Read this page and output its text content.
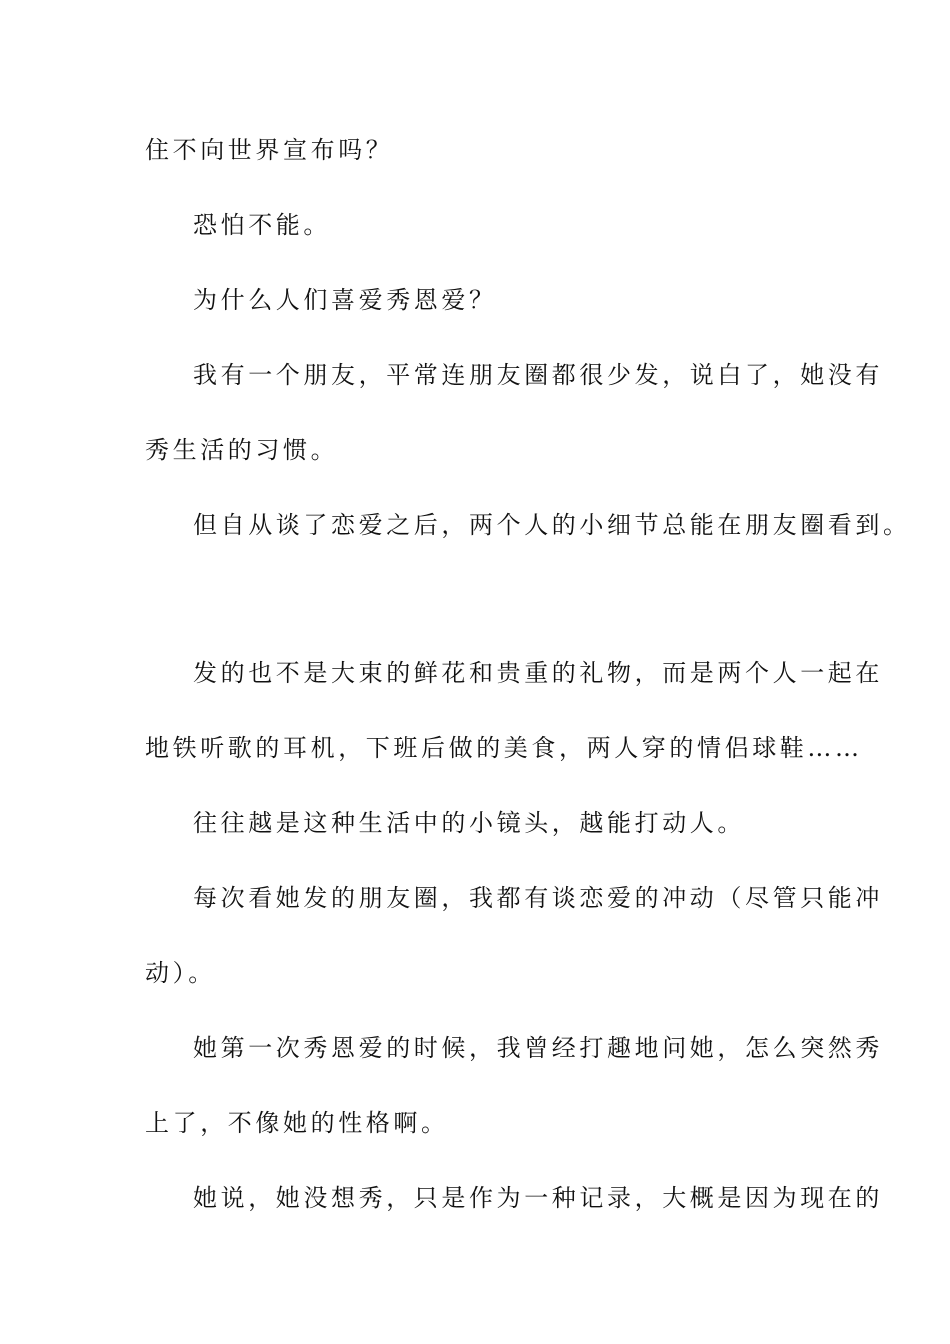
住不向世界宣布吗？

恐怕不能。

为什么人们喜爱秀恩爱？

我有一个朋友，平常连朋友圈都很少发，说白了，她没有

秀生活的习惯。

但自从谈了恋爱之后，两个人的小细节总能在朋友圈看到。

发的也不是大束的鲜花和贵重的礼物，而是两个人一起在

地铁听歌的耳机，下班后做的美食，两人穿的情侣球鞋……

往往越是这种生活中的小镜头，越能打动人。

每次看她发的朋友圈，我都有谈恋爱的冲动（尽管只能冲

动）。

她第一次秀恩爱的时候，我曾经打趣地问她，怎么突然秀

上了，不像她的性格啊。

她说，她没想秀，只是作为一种记录，大概是因为现在的
